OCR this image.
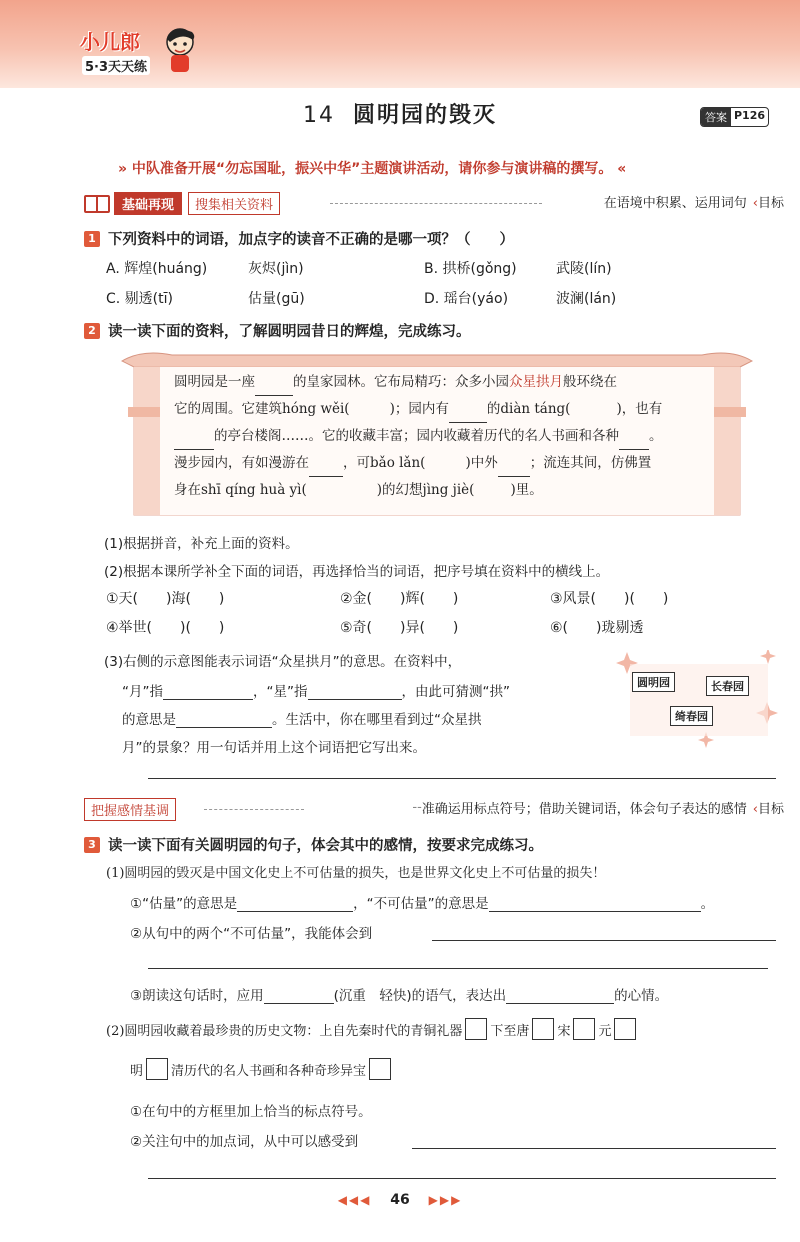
小儿郎
5·3天天练
14 圆明园的毁灭	答案 P126
» 中队准备开展“勿忘国耻，振兴中华”主题演讲活动，请你参与演讲稿的撰写。 «
基础再现	搜集相关资料	在语境中积累、运用词句 ‹目标
1 下列资料中的词语，加点字的读音不正确的是哪一项？（　　）
A. 辉煌(huáng)	灰烬(jìn)	B. 拱桥(gǒng)	武陵(lín)
C. 剔透(tī)	估量(gū)	D. 瑶台(yáo)	波澜(lán)
2 读一读下面的资料，了解圆明园昔日的辉煌，完成练习。
圆明园是一座	的皇家园林。它布局精巧：众多小园众星拱月般环绕在
它的周围。它建筑hóng wěi(	)；园内有	的diàn táng(	)，也有
的亭台楼阁……。它的收藏丰富；园内收藏着历代的名人书画和各种 。
漫步园内，有如漫游在	，可bǎo lǎn(	)中外 ；流连其间，仿佛置
身在shī qíng huà yì(	)的幻想jìng jiè(	)里。
(1)根据拼音，补充上面的资料。
(2)根据本课所学补全下面的词语，再选择恰当的词语，把序号填在资料中的横线上。
①天(　　)海(　　)	②金(　　)辉(　　)	③风景(　　)(　　)
④举世(　　)(　　)	⑤奇(　　)异(　　)	⑥(　　)珑剔透
(3)右侧的示意图能表示词语“众星拱月”的意思。在资料中，
“月”指	，“星”指	，由此可猜测“拱”
的意思是	。生活中，你在哪里看到过“众星拱
月”的景象？用一句话并用上这个词语把它写出来。
圆明园	长春园
绮春园
把握感情基调	-- 准确运用标点符号；借助关键词语，体会句子表达的感情 ‹目标
3 读一读下面有关圆明园的句子，体会其中的感情，按要求完成练习。
(1)圆明园的毁灭是中国文化史上不可估量的损失，也是世界文化史上不可估量的损失！
①“估量”的意思是	，“不可估量”的意思是	。
②从句中的两个“不可估量”，我能体会到
③朗读这句话时，应用	(沉重　轻快)的语气，表达出	的心情。
(2)圆明园收藏着最珍贵的历史文物：上自先秦时代的青铜礼器 下至唐 宋 元
明 清历代的名人书画和各种奇珍异宝
①在句中的方框里加上恰当的标点符号。
②关注句中的加点词，从中可以感受到
◀◀◀ 46 ▶▶▶
